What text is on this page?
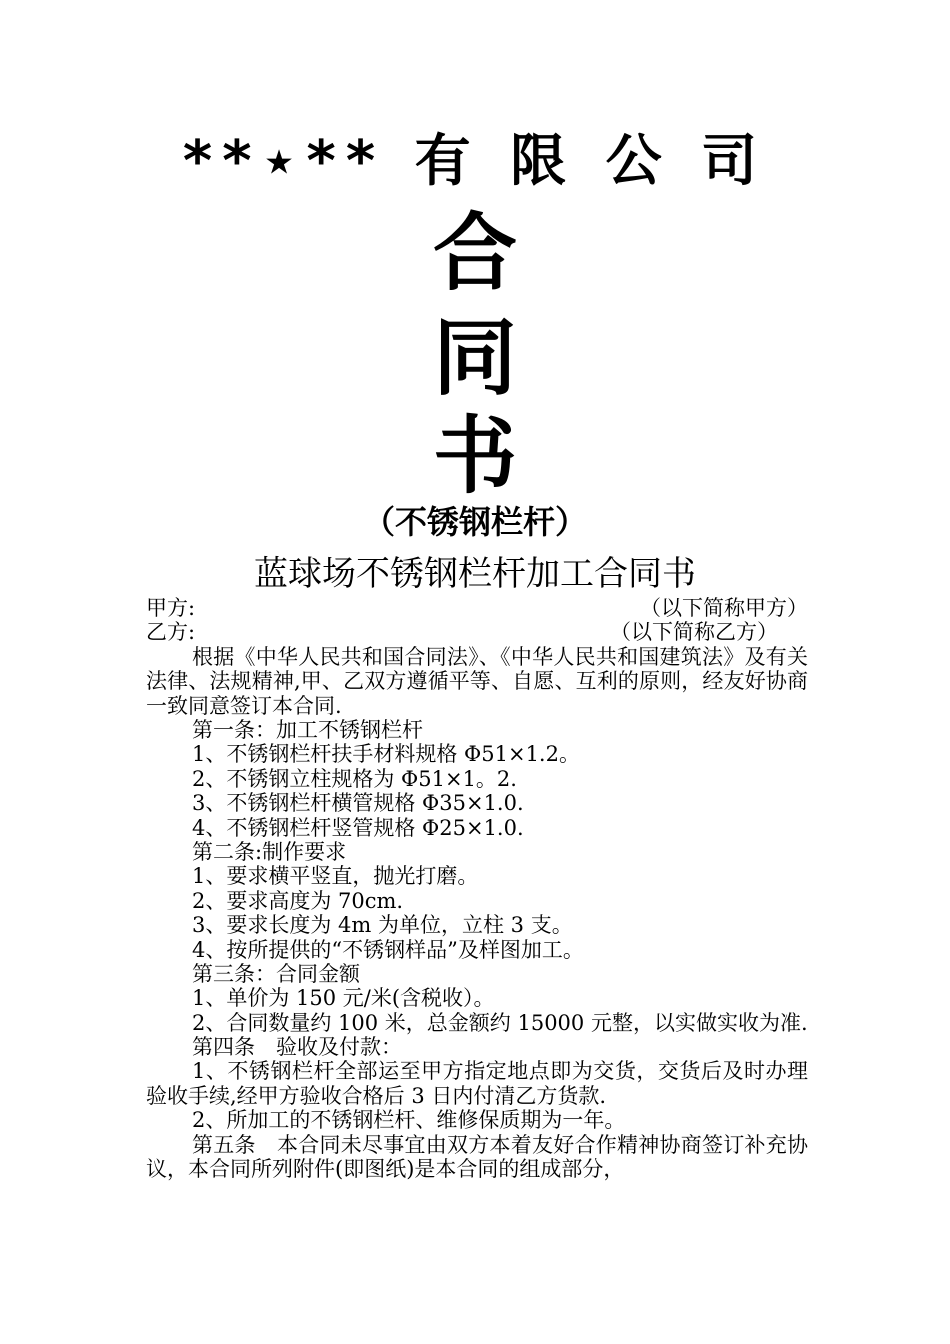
**⋆** 有 限 公 司
合
同
书
（不锈钢栏杆）
蓝球场不锈钢栏杆加工合同书
甲方:	（以下简称甲方）
乙方:	（以下简称乙方）
根据《中华人民共和国合同法》、《中华人民共和国建筑法》及有关法律、法规精神,甲、乙双方遵循平等、自愿、互利的原则，经友好协商一致同意签订本合同.
第一条：加工不锈钢栏杆
1、不锈钢栏杆扶手材料规格 Φ51×1.2。
2、不锈钢立柱规格为 Φ51×1。2.
3、不锈钢栏杆横管规格 Φ35×1.0.
4、不锈钢栏杆竖管规格 Φ25×1.0.
第二条:制作要求
1、要求横平竖直，抛光打磨。
2、要求高度为 70cm.
3、要求长度为 4m 为单位，立柱 3 支。
4、按所提供的“不锈钢样品”及样图加工。
第三条：合同金额
1、单价为 150 元/米(含税收）。
2、合同数量约 100 米，总金额约 15000 元整，以实做实收为准.
第四条　验收及付款：
1、不锈钢栏杆全部运至甲方指定地点即为交货，交货后及时办理验收手续,经甲方验收合格后 3 日内付清乙方货款.
2、所加工的不锈钢栏杆、维修保质期为一年。
第五条　本合同未尽事宜由双方本着友好合作精神协商签订补充协议，本合同所列附件(即图纸)是本合同的组成部分，
